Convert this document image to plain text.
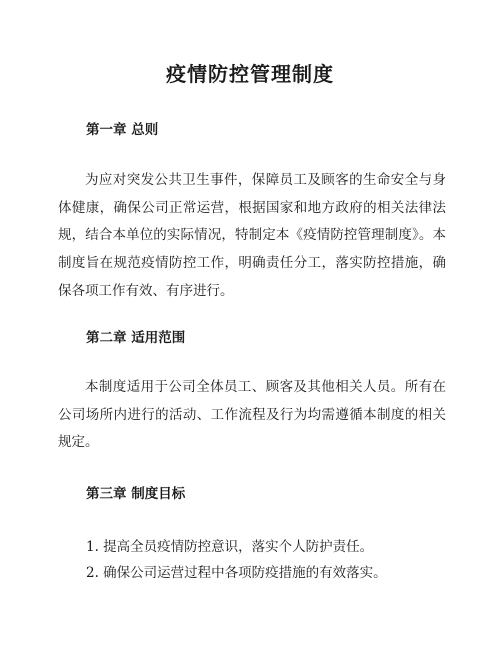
疫情防控管理制度
第一章 总则

为应对突发公共卫生事件，保障员工及顾客的生命安全与身体健康，确保公司正常运营，根据国家和地方政府的相关法律法规，结合本单位的实际情况，特制定本《疫情防控管理制度》。本制度旨在规范疫情防控工作，明确责任分工，落实防控措施，确保各项工作有效、有序进行。

第二章 适用范围

本制度适用于公司全体员工、顾客及其他相关人员。所有在公司场所内进行的活动、工作流程及行为均需遵循本制度的相关规定。

第三章 制度目标
1. 提高全员疫情防控意识，落实个人防护责任。
2. 确保公司运营过程中各项防疫措施的有效落实。
